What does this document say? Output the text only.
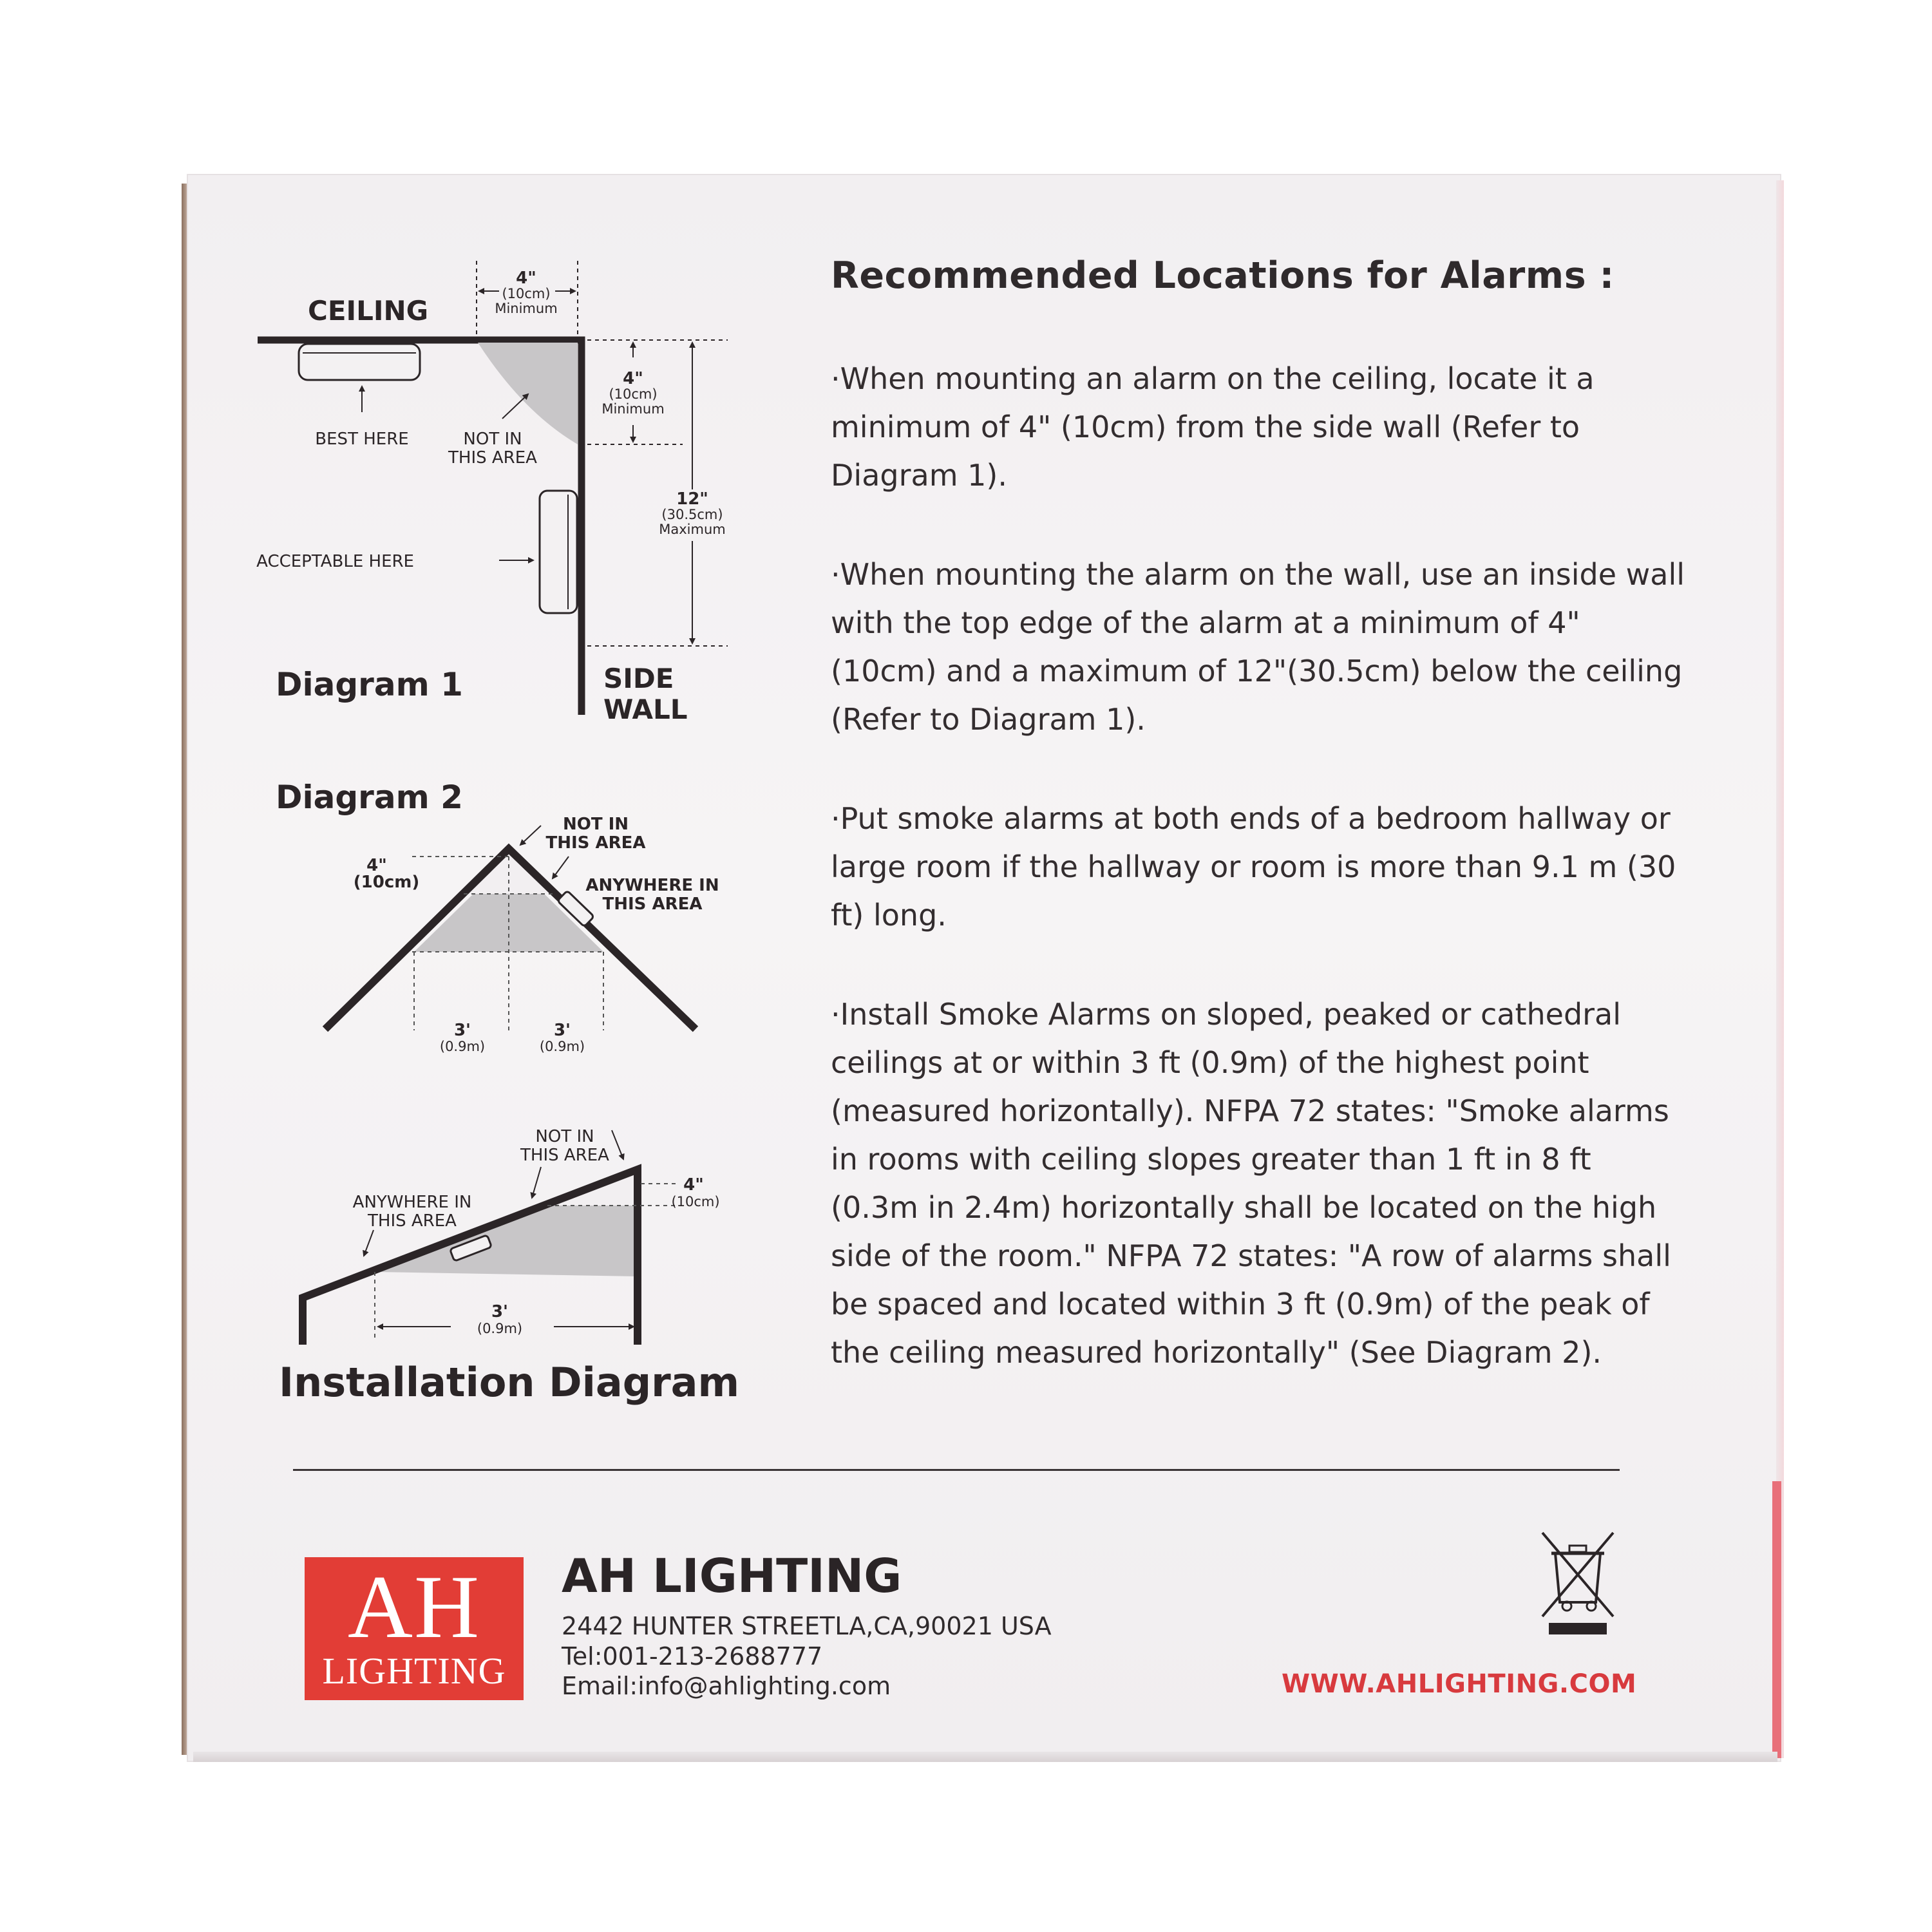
CEILING
4"
(10cm)
Minimum
4"
(10cm)
Minimum
12"
(30.5cm)
Maximum
BEST HERE	NOT IN
THIS AREA
ACCEPTABLE HERE
Diagram 1	SIDE
WALL
Diagram 2
4"
(10cm)
NOT IN
THIS AREA
ANYWHERE IN
THIS AREA
3'
(0.9m)
3'
(0.9m)
NOT IN
THIS AREA
ANYWHERE IN
THIS AREA
4"
(10cm)
3'
(0.9m)
Installation Diagram
Recommended Locations for Alarms :

·When mounting an alarm on the ceiling, locate it a minimum of 4" (10cm) from the side wall (Refer to Diagram 1).

·When mounting the alarm on the wall, use an inside wall with the top edge of the alarm at a minimum of 4" (10cm) and a maximum of 12"(30.5cm) below the ceiling (Refer to Diagram 1).

·Put smoke alarms at both ends of a bedroom hallway or large room if the hallway or room is more than 9.1 m (30 ft) long.

·Install Smoke Alarms on sloped, peaked or cathedral ceilings at or within 3 ft (0.9m) of the highest point (measured horizontally). NFPA 72 states: "Smoke alarms in rooms with ceiling slopes greater than 1 ft in 8 ft (0.3m in 2.4m) horizontally shall be located on the high side of the room." NFPA 72 states: "A row of alarms shall be spaced and located within 3 ft (0.9m) of the peak of the ceiling measured horizontally" (See Diagram 2).

AH
LIGHTING
AH LIGHTING
2442 HUNTER STREETLA,CA,90021 USA
Tel:001-213-2688777
Email:info@ahlighting.com	WWW.AHLIGHTING.COM
